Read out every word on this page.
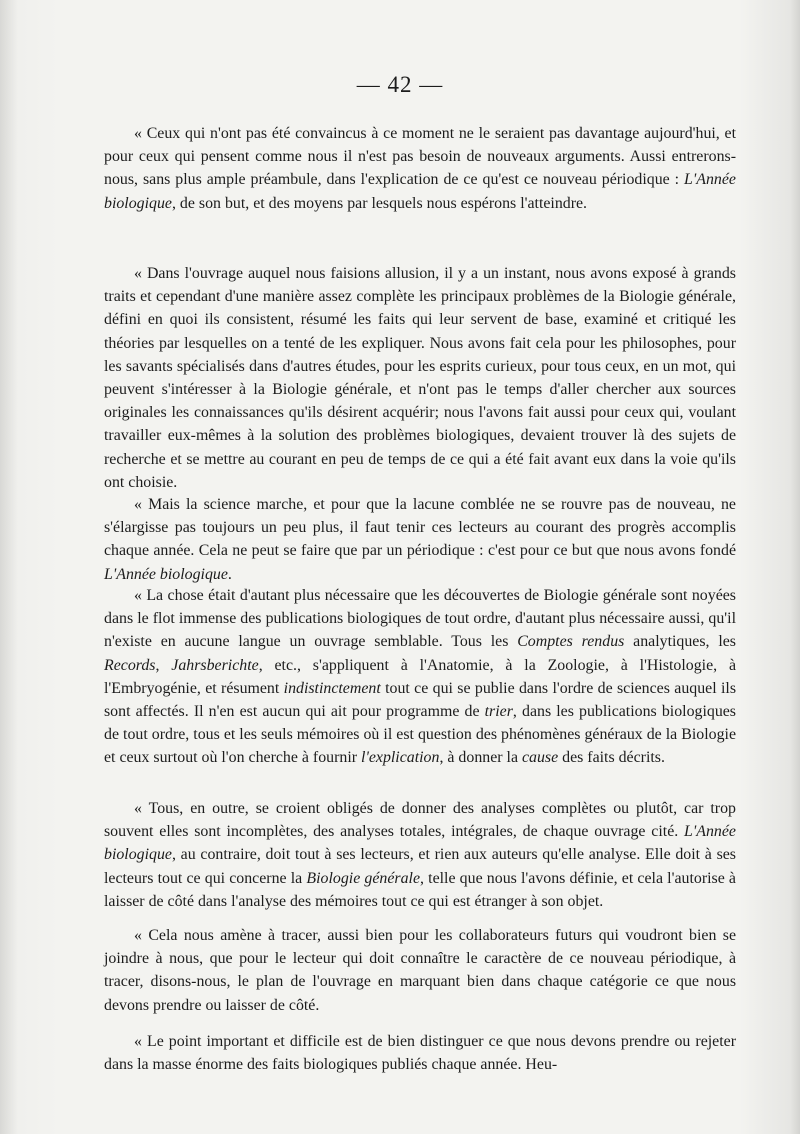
— 42 —

« Ceux qui n'ont pas été convaincus à ce moment ne le seraient pas davantage aujourd'hui, et pour ceux qui pensent comme nous il n'est pas besoin de nouveaux arguments. Aussi entrerons-nous, sans plus ample préambule, dans l'explication de ce qu'est ce nouveau périodique : L'Année biologique, de son but, et des moyens par lesquels nous espérons l'atteindre.

« Dans l'ouvrage auquel nous faisions allusion, il y a un instant, nous avons exposé à grands traits et cependant d'une manière assez complète les principaux problèmes de la Biologie générale, défini en quoi ils consistent, résumé les faits qui leur servent de base, examiné et critiqué les théories par lesquelles on a tenté de les expliquer. Nous avons fait cela pour les philosophes, pour les savants spécialisés dans d'autres études, pour les esprits curieux, pour tous ceux, en un mot, qui peuvent s'intéresser à la Biologie générale, et n'ont pas le temps d'aller chercher aux sources originales les connaissances qu'ils désirent acquérir; nous l'avons fait aussi pour ceux qui, voulant travailler eux-mêmes à la solution des problèmes biologiques, devaient trouver là des sujets de recherche et se mettre au courant en peu de temps de ce qui a été fait avant eux dans la voie qu'ils ont choisie.

« Mais la science marche, et pour que la lacune comblée ne se rouvre pas de nouveau, ne s'élargisse pas toujours un peu plus, il faut tenir ces lecteurs au courant des progrès accomplis chaque année. Cela ne peut se faire que par un périodique : c'est pour ce but que nous avons fondé L'Année biologique.

« La chose était d'autant plus nécessaire que les découvertes de Biologie générale sont noyées dans le flot immense des publications biologiques de tout ordre, d'autant plus nécessaire aussi, qu'il n'existe en aucune langue un ouvrage semblable. Tous les Comptes rendus analytiques, les Records, Jahrsberichte, etc., s'appliquent à l'Anatomie, à la Zoologie, à l'Histologie, à l'Embryogénie, et résument indistinctement tout ce qui se publie dans l'ordre de sciences auquel ils sont affectés. Il n'en est aucun qui ait pour programme de trier, dans les publications biologiques de tout ordre, tous et les seuls mémoires où il est question des phénomènes généraux de la Biologie et ceux surtout où l'on cherche à fournir l'explication, à donner la cause des faits décrits.

« Tous, en outre, se croient obligés de donner des analyses complètes ou plutôt, car trop souvent elles sont incomplètes, des analyses totales, intégrales, de chaque ouvrage cité. L'Année biologique, au contraire, doit tout à ses lecteurs, et rien aux auteurs qu'elle analyse. Elle doit à ses lecteurs tout ce qui concerne la Biologie générale, telle que nous l'avons définie, et cela l'autorise à laisser de côté dans l'analyse des mémoires tout ce qui est étranger à son objet.

« Cela nous amène à tracer, aussi bien pour les collaborateurs futurs qui voudront bien se joindre à nous, que pour le lecteur qui doit connaître le caractère de ce nouveau périodique, à tracer, disons-nous, le plan de l'ouvrage en marquant bien dans chaque catégorie ce que nous devons prendre ou laisser de côté.

« Le point important et difficile est de bien distinguer ce que nous devons prendre ou rejeter dans la masse énorme des faits biologiques publiés chaque année. Heu-
